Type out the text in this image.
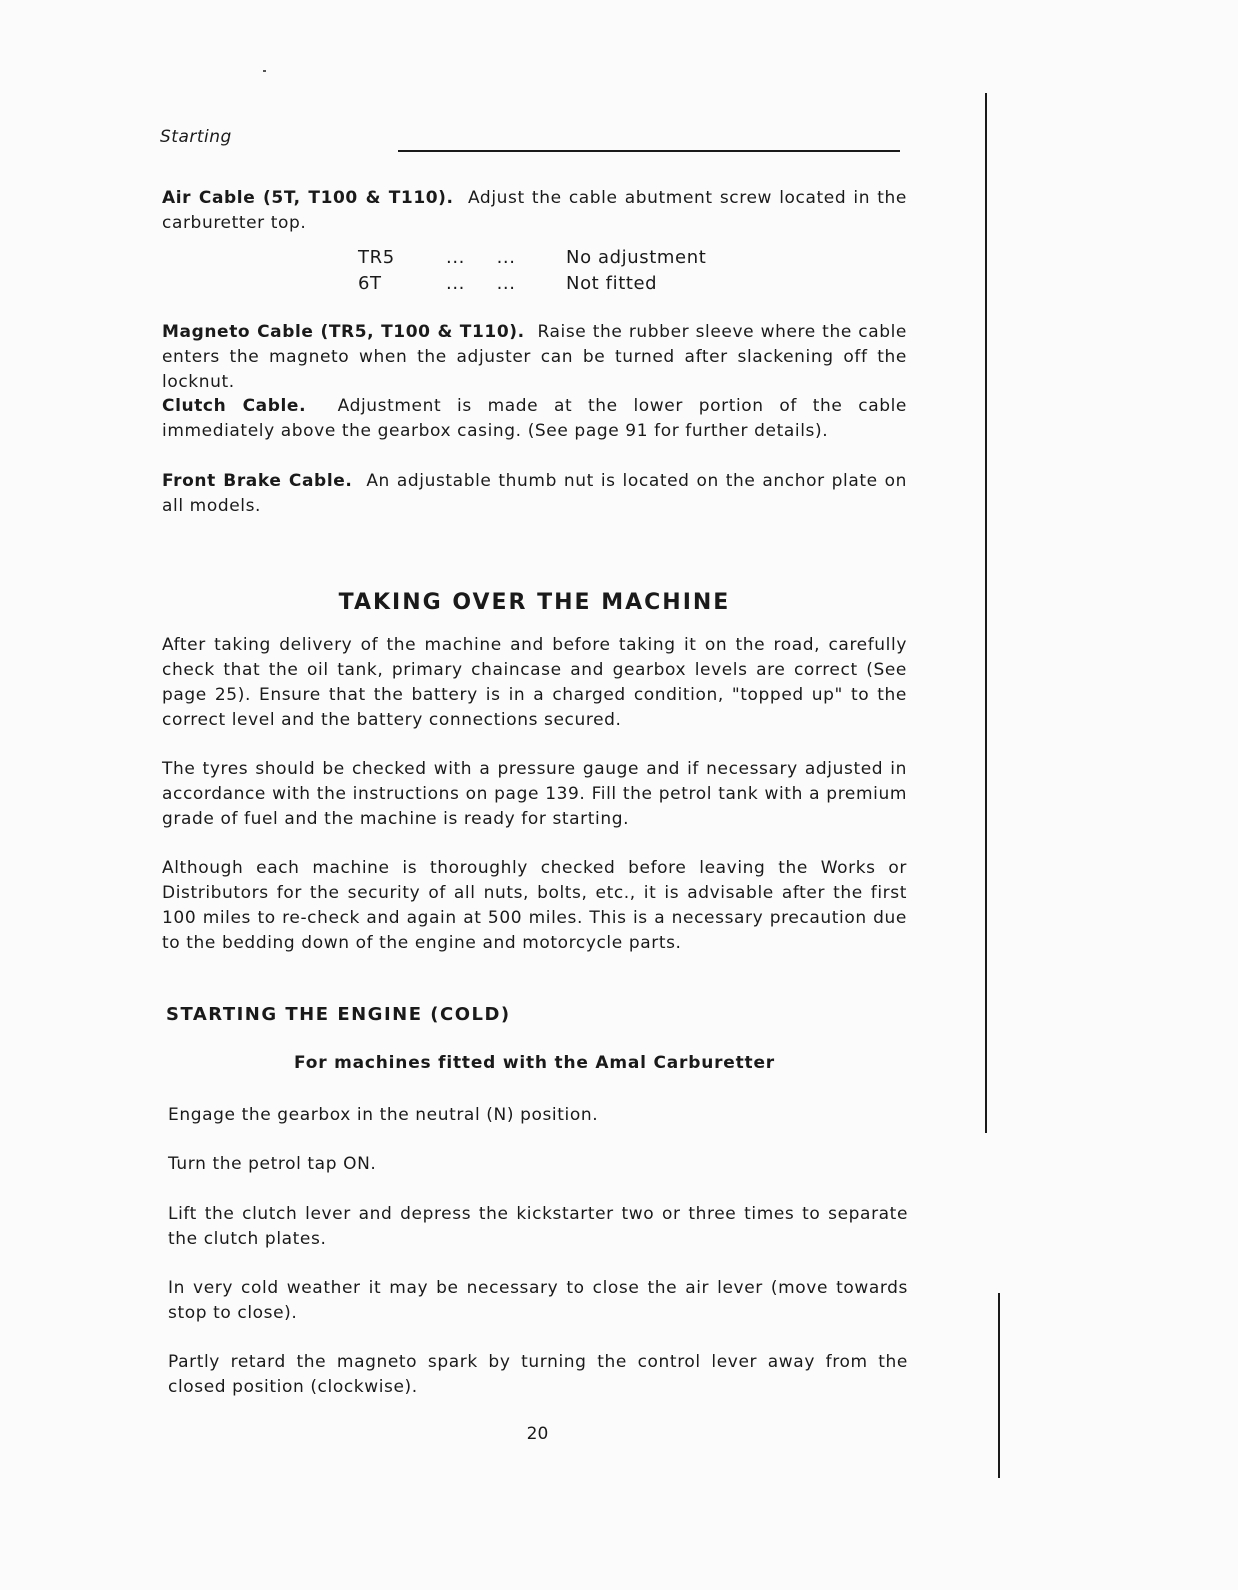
Starting

Air Cable (5T, T100 & T110). Adjust the cable abutment screw located in the carburetter top.

TR5	...     ...	No adjustment
6T	...     ...	Not fitted

Magneto Cable (TR5, T100 & T110). Raise the rubber sleeve where the cable enters the magneto when the adjuster can be turned after slackening off the locknut.

Clutch Cable. Adjustment is made at the lower portion of the cable immediately above the gearbox casing. (See page 91 for further details).

Front Brake Cable. An adjustable thumb nut is located on the anchor plate on all models.

TAKING OVER THE MACHINE

After taking delivery of the machine and before taking it on the road, carefully check that the oil tank, primary chaincase and gearbox levels are correct (See page 25). Ensure that the battery is in a charged condition, "topped up" to the correct level and the battery connections secured.

The tyres should be checked with a pressure gauge and if necessary adjusted in accordance with the instructions on page 139. Fill the petrol tank with a premium grade of fuel and the machine is ready for starting.

Although each machine is thoroughly checked before leaving the Works or Distributors for the security of all nuts, bolts, etc., it is advisable after the first 100 miles to re-check and again at 500 miles. This is a necessary precaution due to the bedding down of the engine and motorcycle parts.

STARTING THE ENGINE (COLD)
For machines fitted with the Amal Carburetter

Engage the gearbox in the neutral (N) position.

Turn the petrol tap ON.

Lift the clutch lever and depress the kickstarter two or three times to separate the clutch plates.

In very cold weather it may be necessary to close the air lever (move towards stop to close).

Partly retard the magneto spark by turning the control lever away from the closed position (clockwise).

20
